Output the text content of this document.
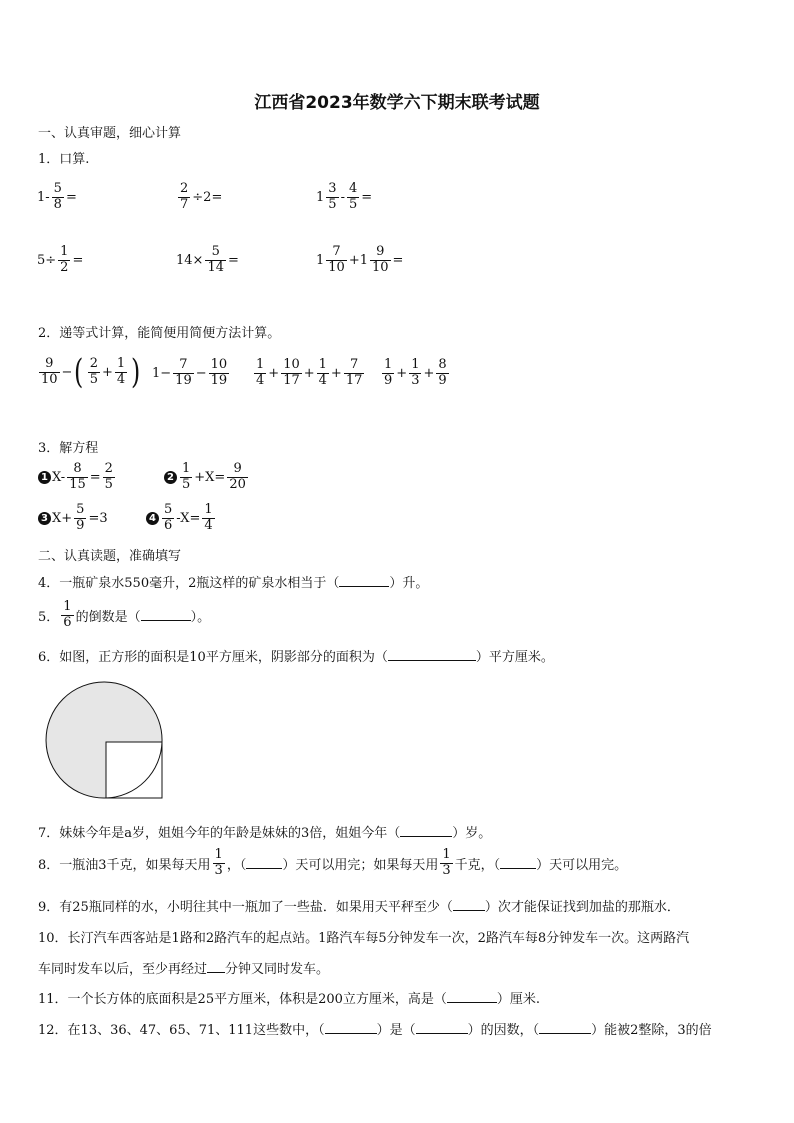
江西省2023年数学六下期末联考试题
一、认真审题，细心计算
1．口算.
$1- \frac{5}{8}$ =	$\frac{2}{7} \div 2=$	$1 \frac{3}{5} - \frac{4}{5}$ =
$5\div \frac{1}{2}$ =	$14\times \frac{5}{14}$ =	$1 \frac{7}{10} +1 \frac{9}{10}$ =
2．递等式计算，能简便用简便方法计算。
$\frac{9}{10}$ − ( $\frac{2}{5} + \frac{1}{4}$ ) $1- \frac{7}{19} - \frac{10}{19} \frac{1}{4} + \frac{10}{17} + \frac{1}{4} + \frac{7}{17} \frac{1}{9} + \frac{1}{3} + \frac{8}{9}$
3．解方程
1 $X- \frac{8}{15} = \frac{2}{5}$	$2 \frac{1}{5} +X= \frac{9}{20}$
3 $X+ \frac{5}{9} =3$	$4 \frac{5}{6} -X= \frac{1}{4}$
二、认真读题，准确填写
4．一瓶矿泉水550毫升，2瓶这样的矿泉水相当于（	）升。
5． $\frac{1}{6}$ 的倒数是（	）。
6．如图，正方形的面积是10平方厘米，阴影部分的面积为（	）平方厘米。
7．妹妹今年是a岁，姐姐今年的年龄是妹妹的3倍，姐姐今年（	）岁。
8．一瓶油3千克，如果每天用 $\frac{1}{3}$ ，（	）天可以用完；如果每天用 $\frac{1}{3}$ 千克，（	）天可以用完。
9．有25瓶同样的水，小明往其中一瓶加了一些盐．如果用天平秤至少（ ）次才能保证找到加盐的那瓶水．
10．长汀汽车西客站是1路和2路汽车的起点站。1路汽车每5分钟发车一次，2路汽车每8分钟发车一次。这两路汽
车同时发车以后，至少再经过 分钟又同时发车。
11．一个长方体的底面积是25平方厘米，体积是200立方厘米，高是（	）厘米.
12．在13、36、47、65、71、111这些数中，（	）是（	）的因数，（	）能被2整除，3的倍
